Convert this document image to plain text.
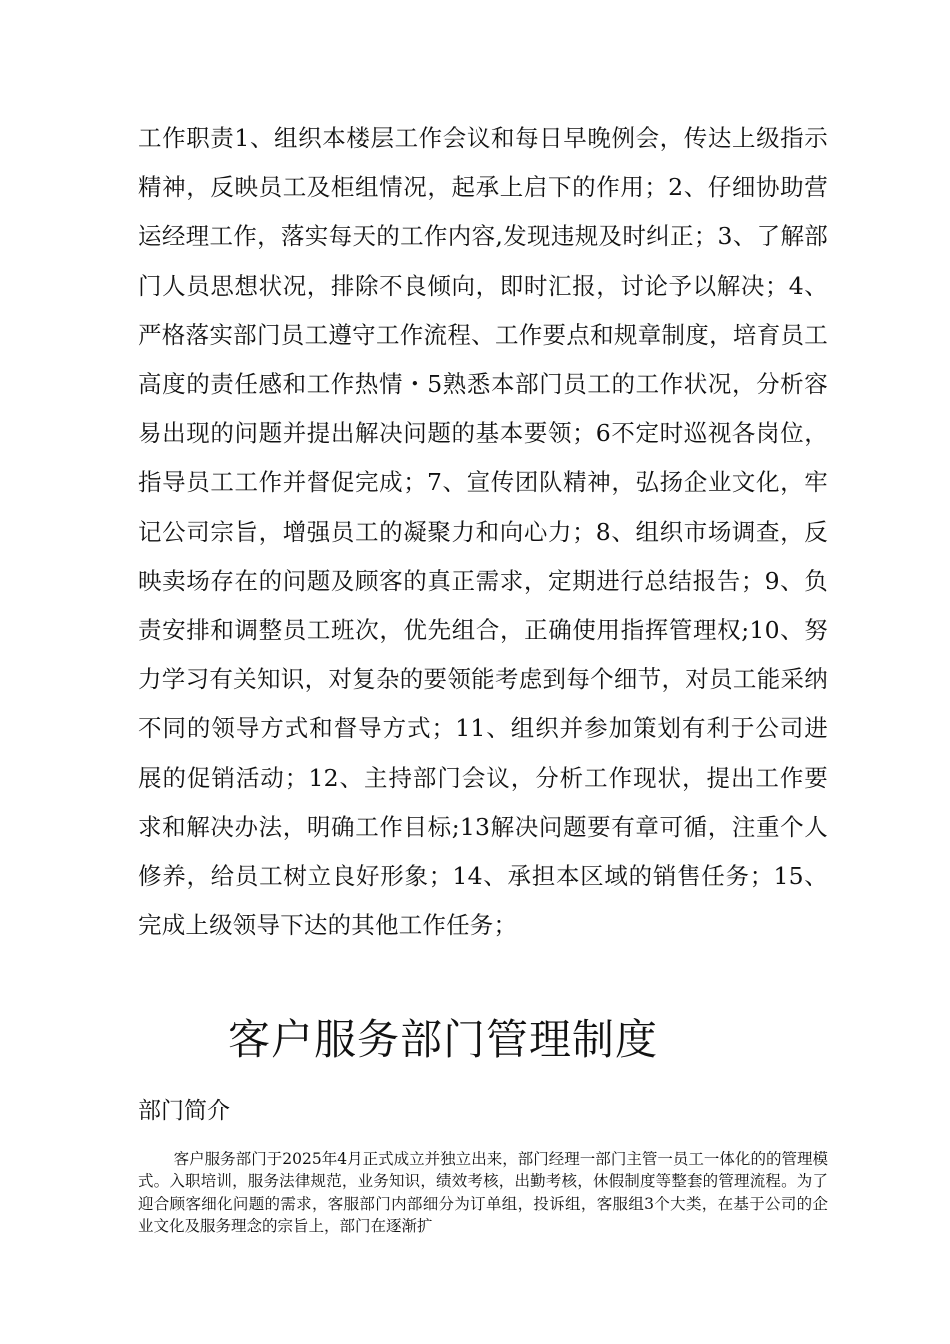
工作职责1、组织本楼层工作会议和每日早晚例会，传达上级指示精神，反映员工及柜组情况，起承上启下的作用；2、仔细协助营运经理工作，落实每天的工作内容,发现违规及时纠正；3、了解部门人员思想状况，排除不良倾向，即时汇报，讨论予以解决；4、严格落实部门员工遵守工作流程、工作要点和规章制度，培育员工高度的责任感和工作热情・5熟悉本部门员工的工作状况，分析容易出现的问题并提出解决问题的基本要领；6不定时巡视各岗位，指导员工工作并督促完成；7、宣传团队精神，弘扬企业文化，牢记公司宗旨，增强员工的凝聚力和向心力；8、组织市场调查，反映卖场存在的问题及顾客的真正需求，定期进行总结报告；9、负责安排和调整员工班次，优先组合，正确使用指挥管理权;10、努力学习有关知识，对复杂的要领能考虑到每个细节，对员工能采纳不同的领导方式和督导方式；11、组织并参加策划有利于公司进展的促销活动；12、主持部门会议，分析工作现状，提出工作要求和解决办法，明确工作目标;13解决问题要有章可循，注重个人修养，给员工树立良好形象；14、承担本区域的销售任务；15、完成上级领导下达的其他工作任务；

客户服务部门管理制度
部门简介

客户服务部门于2025年4月正式成立并独立出来，部门经理一部门主管一员工一体化的的管理模式。入职培训，服务法律规范，业务知识，绩效考核，出勤考核，休假制度等整套的管理流程。为了迎合顾客细化问题的需求，客服部门内部细分为订单组，投诉组，客服组3个大类，在基于公司的企业文化及服务理念的宗旨上，部门在逐渐扩
